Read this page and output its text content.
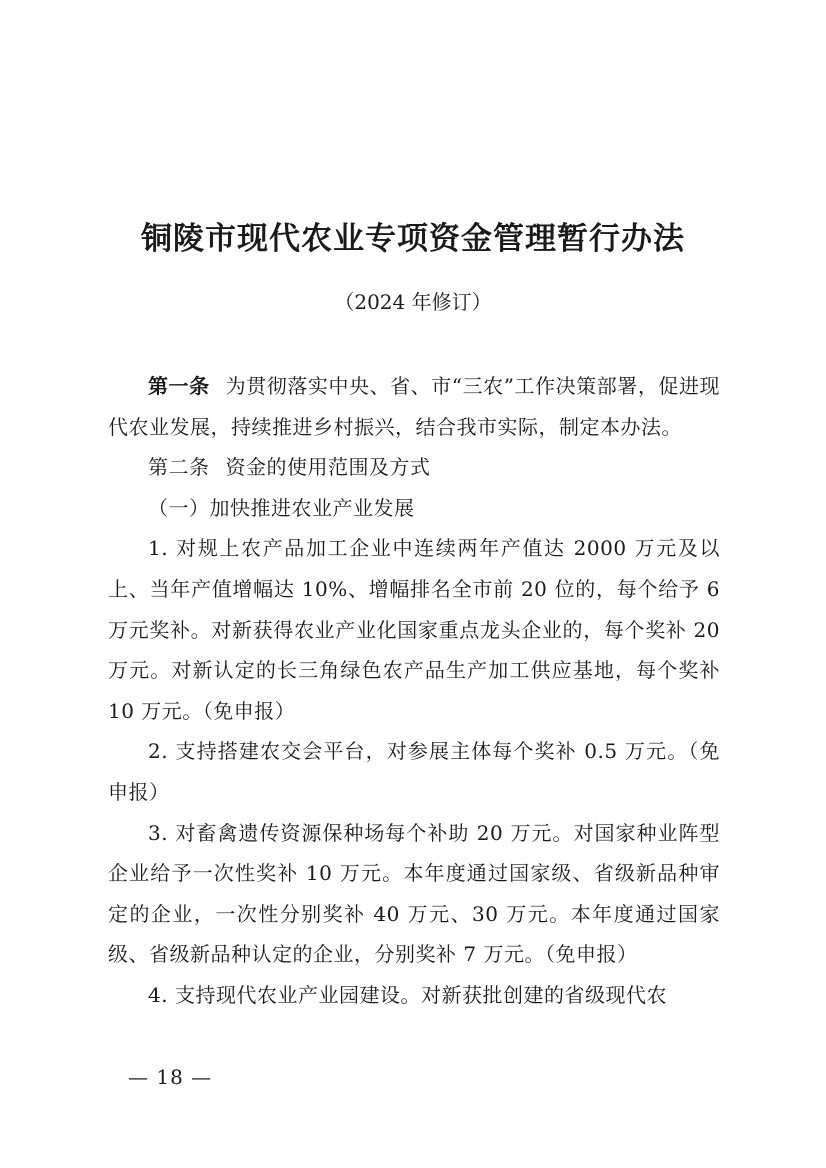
铜陵市现代农业专项资金管理暂行办法
（2024 年修订）

第一条 为贯彻落实中央、省、市“三农”工作决策部署，促进现代农业发展，持续推进乡村振兴，结合我市实际，制定本办法。

第二条 资金的使用范围及方式

（一）加快推进农业产业发展

1. 对规上农产品加工企业中连续两年产值达 2000 万元及以上、当年产值增幅达 10%、增幅排名全市前 20 位的，每个给予 6 万元奖补。对新获得农业产业化国家重点龙头企业的，每个奖补 20 万元。对新认定的长三角绿色农产品生产加工供应基地，每个奖补 10 万元。（免申报）

2. 支持搭建农交会平台，对参展主体每个奖补 0.5 万元。（免申报）

3. 对畜禽遗传资源保种场每个补助 20 万元。对国家种业阵型企业给予一次性奖补 10 万元。本年度通过国家级、省级新品种审定的企业，一次性分别奖补 40 万元、30 万元。本年度通过国家级、省级新品种认定的企业，分别奖补 7 万元。（免申报）

4. 支持现代农业产业园建设。对新获批创建的省级现代农

— 18 —
